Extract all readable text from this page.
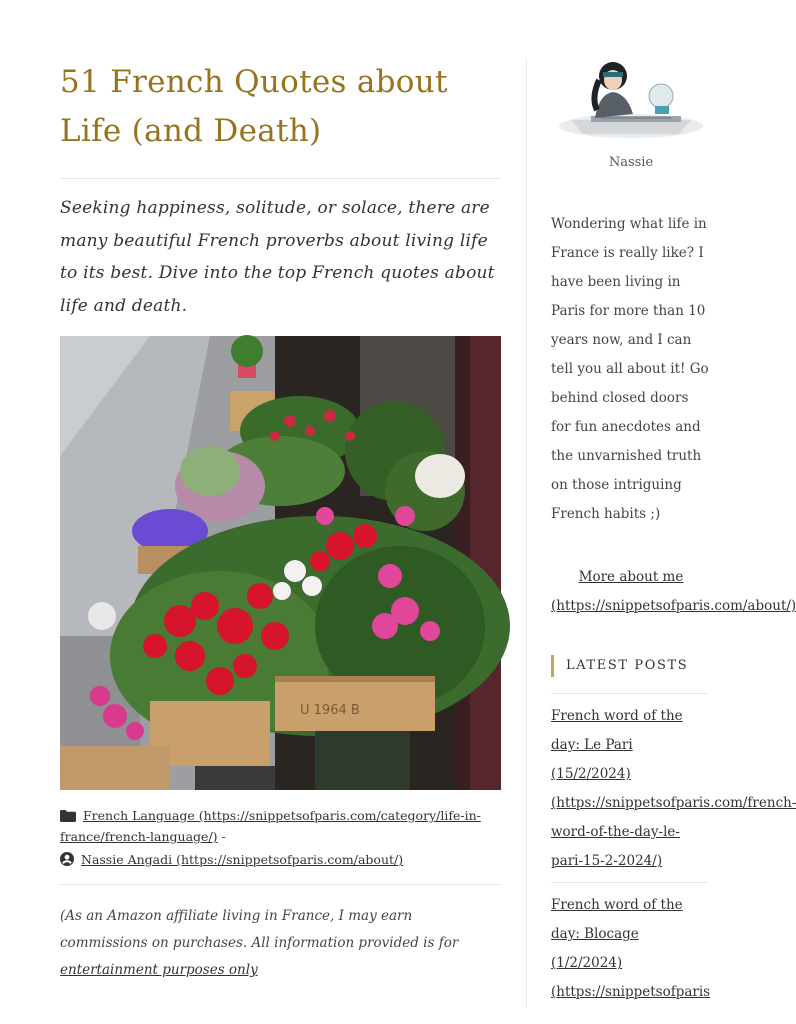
51 French Quotes about Life (and Death)

Seeking happiness, solitude, or solace, there are many beautiful French proverbs about living life to its best. Dive into the top French quotes about life and death.

U 1964 B
French Language (https://snippetsofparis.com/category/life-in-france/french-language/) -
Nassie Angadi (https://snippetsofparis.com/about/)

(As an Amazon affiliate living in France, I may earn commissions on purchases. All information provided is for entertainment purposes only

Nassie
Wondering what life in France is really like? I have been living in Paris for more than 10 years now, and I can tell you all about it! Go behind closed doors for fun anecdotes and the unvarnished truth on those intriguing French habits ;)
More about me (https://snippetsofparis.com/about/)
LATEST POSTS
French word of the day: Le Pari (15/2/2024) (https://snippetsofparis.com/french-word-of-the-day-le-pari-15-2-2024/)
French word of the day: Blocage (1/2/2024) (https://snippetsofparis
